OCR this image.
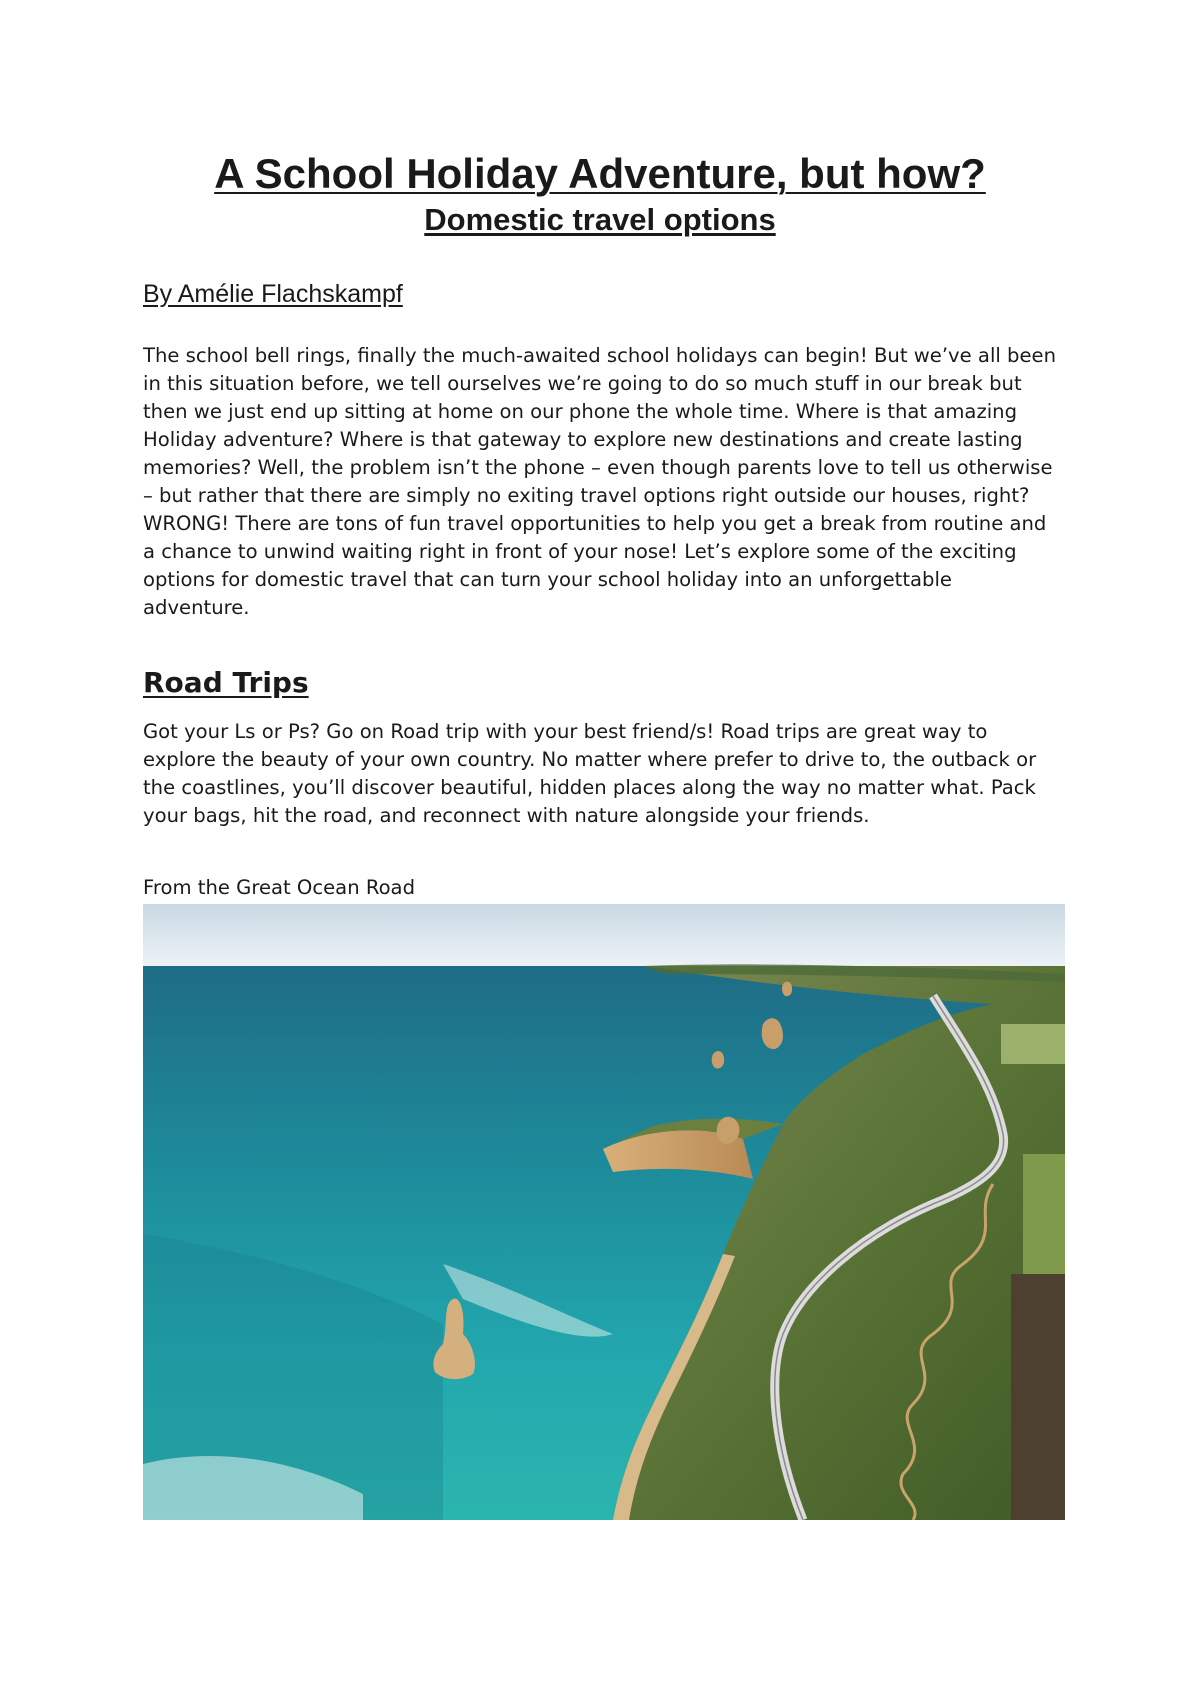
A School Holiday Adventure, but how?
Domestic travel options

By Amélie Flachskampf

The school bell rings, finally the much-awaited school holidays can begin! But we’ve all been in this situation before, we tell ourselves we’re going to do so much stuff in our break but then we just end up sitting at home on our phone the whole time. Where is that amazing Holiday adventure? Where is that gateway to explore new destinations and create lasting memories? Well, the problem isn’t the phone – even though parents love to tell us otherwise – but rather that there are simply no exiting travel options right outside our houses, right? WRONG! There are tons of fun travel opportunities to help you get a break from routine and a chance to unwind waiting right in front of your nose! Let’s explore some of the exciting options for domestic travel that can turn your school holiday into an unforgettable adventure.

Road Trips

Got your Ls or Ps? Go on Road trip with your best friend/s! Road trips are great way to explore the beauty of your own country. No matter where prefer to drive to, the outback or the coastlines, you’ll discover beautiful, hidden places along the way no matter what. Pack your bags, hit the road, and reconnect with nature alongside your friends.

From the Great Ocean Road
